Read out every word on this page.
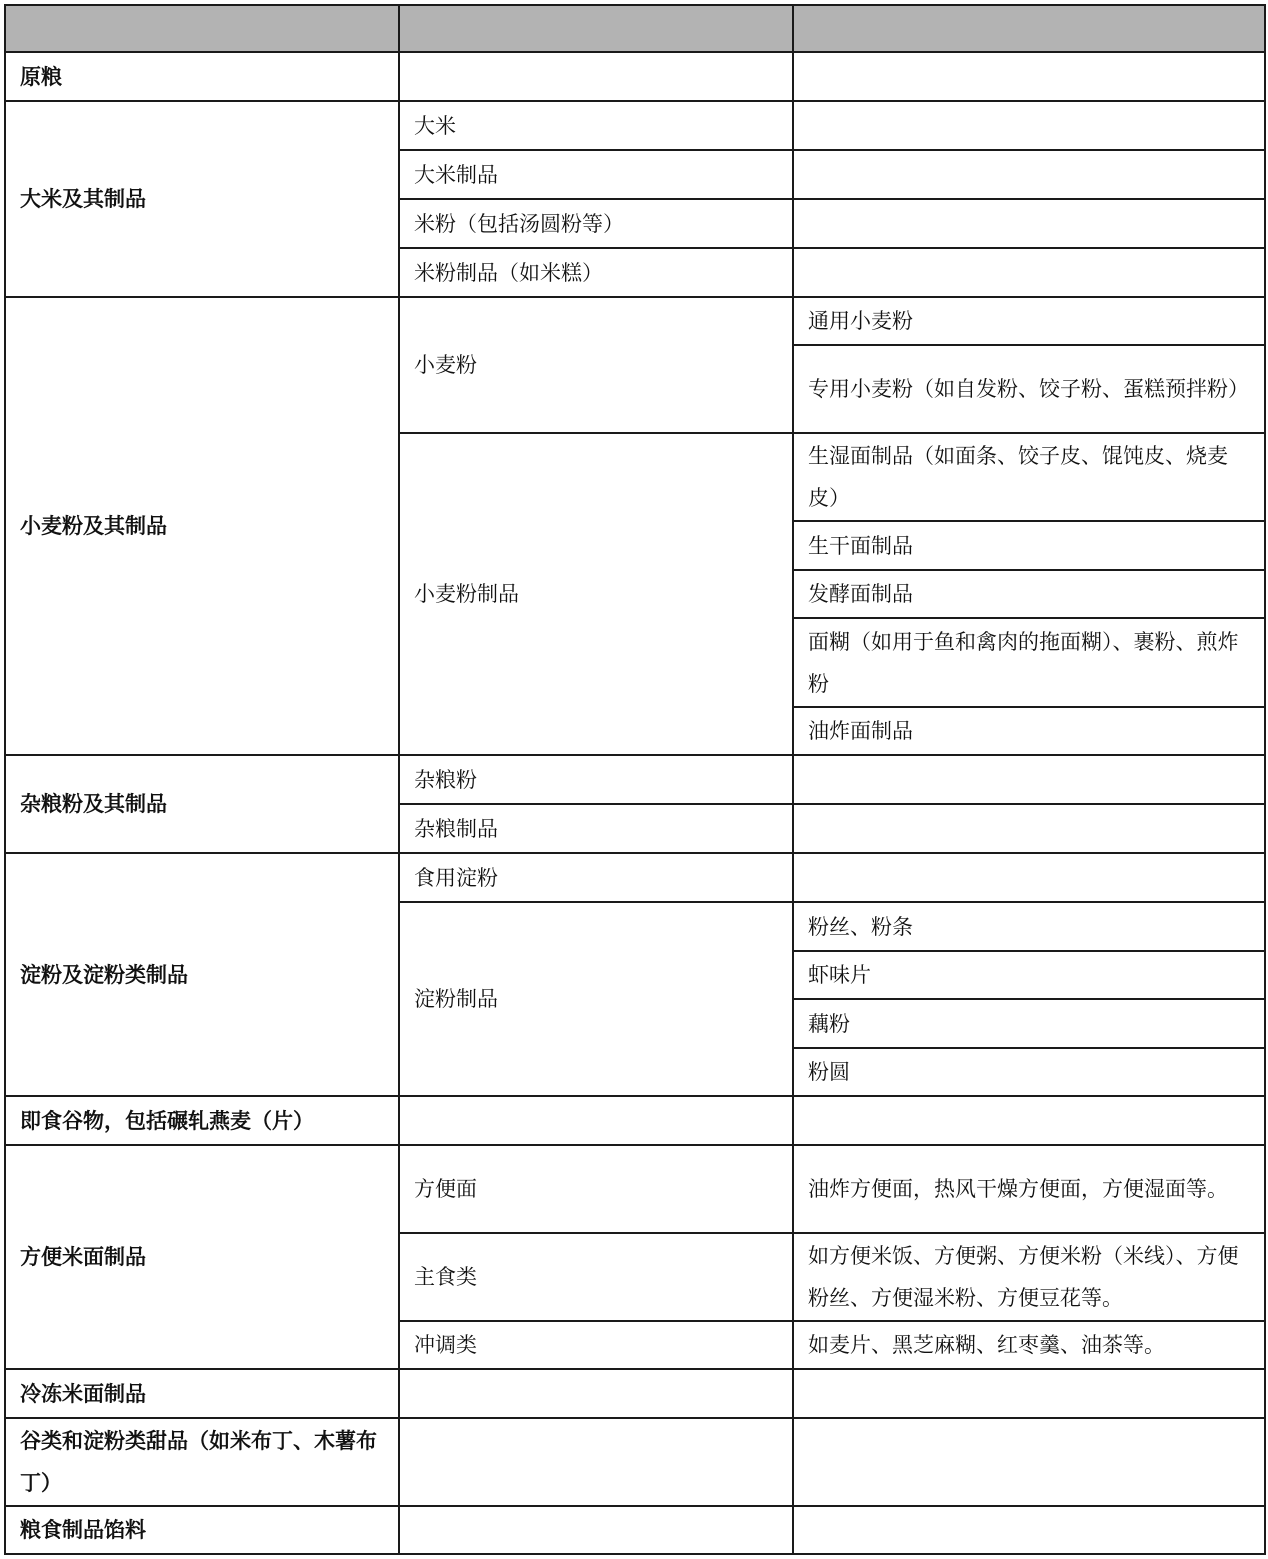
原粮		
大米及其制品	大米	
	大米制品	
	米粉（包括汤圆粉等）	
	米粉制品（如米糕）	
小麦粉及其制品	小麦粉	通用小麦粉
		专用小麦粉（如自发粉、饺子粉、蛋糕预拌粉）
	小麦粉制品	生湿面制品（如面条、饺子皮、馄饨皮、烧麦皮）
		生干面制品
		发酵面制品
		面糊（如用于鱼和禽肉的拖面糊）、裹粉、煎炸粉
		油炸面制品
杂粮粉及其制品	杂粮粉	
	杂粮制品	
淀粉及淀粉类制品	食用淀粉	
	淀粉制品	粉丝、粉条
		虾味片
		藕粉
		粉圆
即食谷物，包括碾轧燕麦（片）		
方便米面制品	方便面	油炸方便面，热风干燥方便面，方便湿面等。
	主食类	如方便米饭、方便粥、方便米粉（米线）、方便粉丝、方便湿米粉、方便豆花等。
	冲调类	如麦片、黑芝麻糊、红枣羹、油茶等。
冷冻米面制品		
谷类和淀粉类甜品（如米布丁、木薯布丁）		
粮食制品馅料		
